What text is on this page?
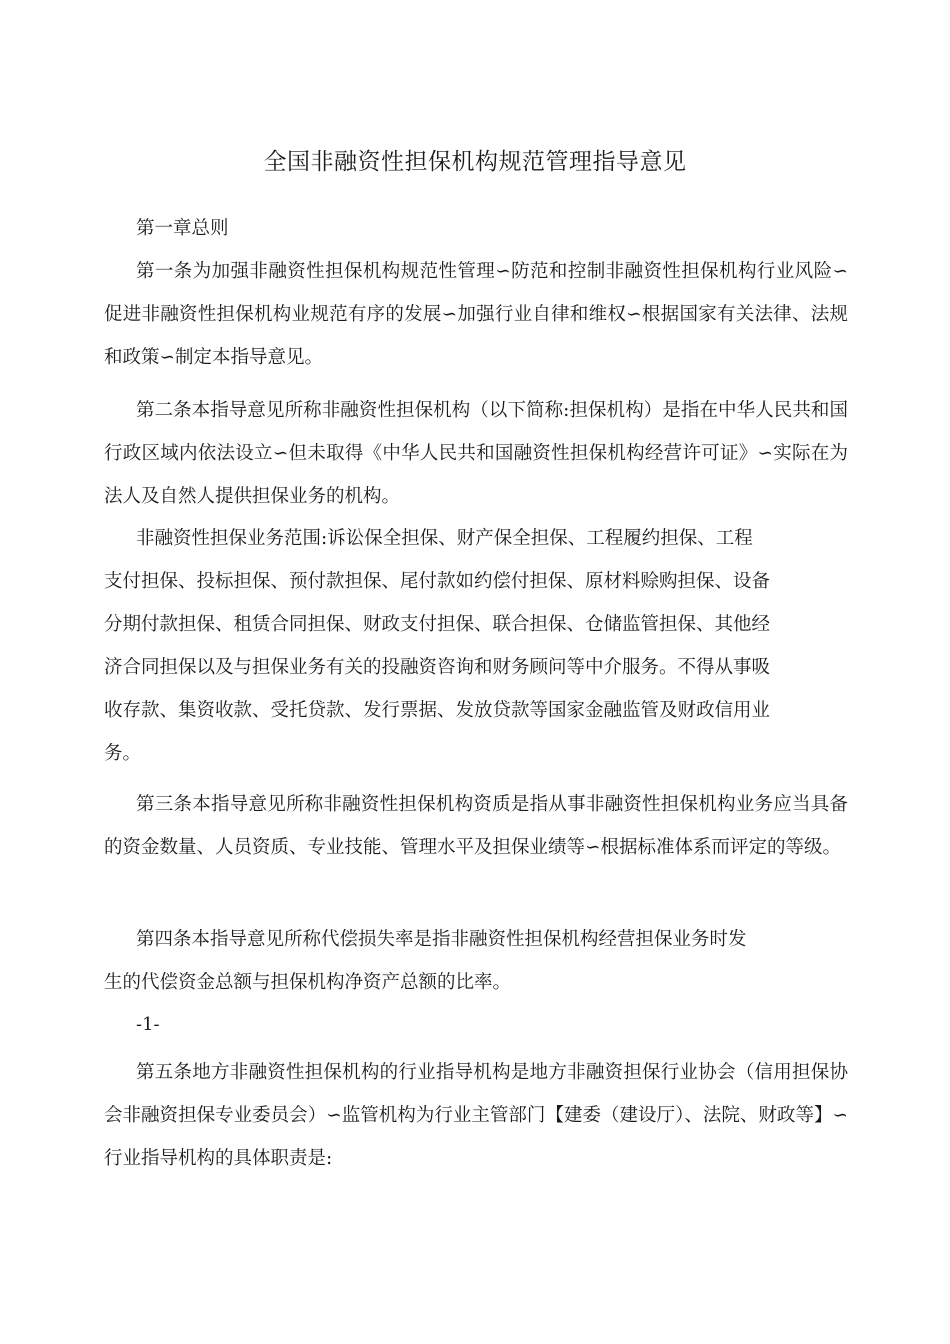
全国非融资性担保机构规范管理指导意见

第一章总则

第一条为加强非融资性担保机构规范性管理∽防范和控制非融资性担保机构行业风险∽促进非融资性担保机构业规范有序的发展∽加强行业自律和维权∽根据国家有关法律、法规和政策∽制定本指导意见。

第二条本指导意见所称非融资性担保机构（以下简称:担保机构）是指在中华人民共和国行政区域内依法设立∽但未取得《中华人民共和国融资性担保机构经营许可证》∽实际在为法人及自然人提供担保业务的机构。

非融资性担保业务范围:诉讼保全担保、财产保全担保、工程履约担保、工程

支付担保、投标担保、预付款担保、尾付款如约偿付担保、原材料赊购担保、设备

分期付款担保、租赁合同担保、财政支付担保、联合担保、仓储监管担保、其他经

济合同担保以及与担保业务有关的投融资咨询和财务顾问等中介服务。不得从事吸

收存款、集资收款、受托贷款、发行票据、发放贷款等国家金融监管及财政信用业

务。

第三条本指导意见所称非融资性担保机构资质是指从事非融资性担保机构业务应当具备的资金数量、人员资质、专业技能、管理水平及担保业绩等∽根据标准体系而评定的等级。

第四条本指导意见所称代偿损失率是指非融资性担保机构经营担保业务时发

生的代偿资金总额与担保机构净资产总额的比率。

-1-

第五条地方非融资性担保机构的行业指导机构是地方非融资担保行业协会（信用担保协会非融资担保专业委员会）∽监管机构为行业主管部门【建委（建设厅）、法院、财政等】∽行业指导机构的具体职责是:
